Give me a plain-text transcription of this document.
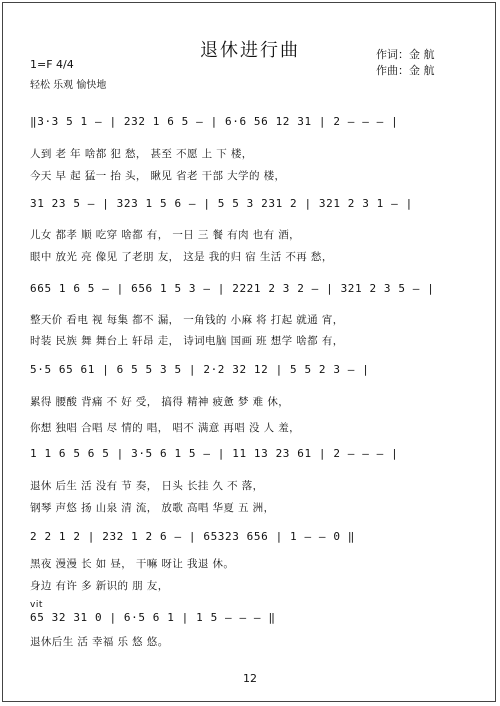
退休进行曲	作词：金 航
作曲：金 航
1=F 4/4
轻松 乐观 愉快地
‖3·3 5 1 — | 232 1 6 5 — | 6·6 56 12 31 | 2 — — — |
人到 老 年 啥都 犯 愁， 甚至 不愿 上 下 楼，
今天 早 起 猛一 抬 头， 瞅见 省老 干部 大学的 楼，
31 23 5 — | 323 1 5 6 — | 5 5 3 231 2 | 321 2 3 1 — |
儿女 都孝 顺 吃穿 啥都 有， 一日 三 餐 有肉 也有 酒，
眼中 放光 亮 像见 了老朋 友， 这是 我的归 宿 生活 不再 愁，
665 1 6 5 — | 656 1 5 3 — | 2221 2 3 2 — | 321 2 3 5 — |
整天价 看电 视 每集 都不 漏， 一角钱的 小麻 将 打起 就通 宵，
时装 民族 舞 舞台上 轩昂 走， 诗词电脑 国画 班 想学 啥都 有，
5·5 65 61 | 6 5 5 3 5 | 2·2 32 12 | 5 5 2 3 — |
累得 腰酸 背痛 不 好 受， 搞得 精神 疲惫 梦 难 休，
你想 独唱 合唱 尽 情的 唱， 唱不 满意 再唱 没 人 羞，
1 1 6 5 6 5 | 3·5 6 1 5 — | 11 13 23 61 | 2 — — — |
退休 后生 活 没有 节 奏， 日头 长挂 久 不 落，
钢琴 声悠 扬 山泉 清 流， 放歌 高唱 华夏 五 洲，
2 2 1 2 | 232 1 2 6 — | 65323 656 | 1 — — 0 ‖
黑夜 漫漫 长 如 昼， 干嘛 呀让 我退 休。
身边 有许 多 新识的 朋 友，
vit
65 32 31 0 | 6·5 6 1 | 1 5 — — — ‖
退休后生 活 幸福 乐 悠 悠。
12
